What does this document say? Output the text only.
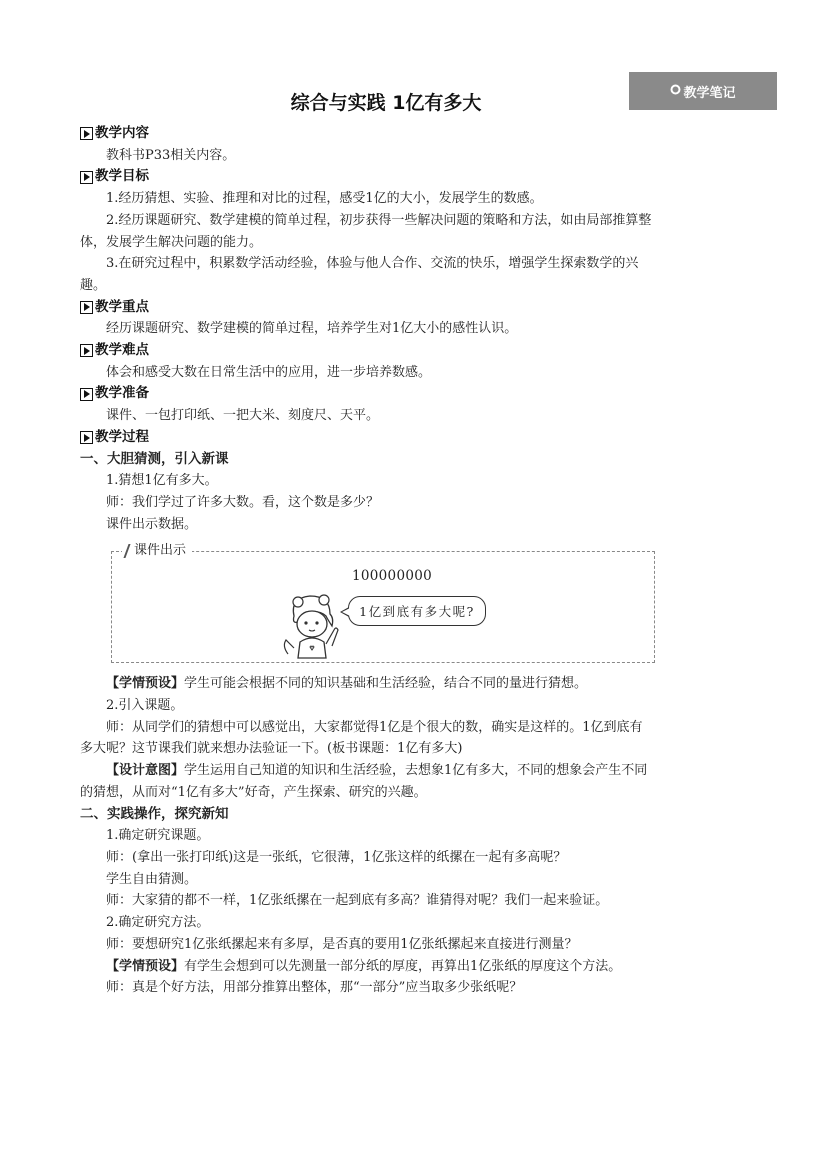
教学笔记
综合与实践 1亿有多大
教学内容

教科书P33相关内容。

教学目标

1.经历猜想、实验、推理和对比的过程，感受1亿的大小，发展学生的数感。

2.经历课题研究、数学建模的简单过程，初步获得一些解决问题的策略和方法，如由局部推算整体，发展学生解决问题的能力。

3.在研究过程中，积累数学活动经验，体验与他人合作、交流的快乐，增强学生探索数学的兴趣。

教学重点

经历课题研究、数学建模的简单过程，培养学生对1亿大小的感性认识。

教学难点

体会和感受大数在日常生活中的应用，进一步培养数感。

教学准备

课件、一包打印纸、一把大米、刻度尺、天平。

教学过程

一、大胆猜测，引入新课

1.猜想1亿有多大。

师：我们学过了许多大数。看，这个数是多少？

课件出示数据。

课件出示
100000000
1亿到底有多大呢?

【学情预设】学生可能会根据不同的知识基础和生活经验，结合不同的量进行猜想。

2.引入课题。

师：从同学们的猜想中可以感觉出，大家都觉得1亿是个很大的数，确实是这样的。1亿到底有多大呢？这节课我们就来想办法验证一下。(板书课题：1亿有多大)

【设计意图】学生运用自己知道的知识和生活经验，去想象1亿有多大，不同的想象会产生不同的猜想，从而对“1亿有多大”好奇，产生探索、研究的兴趣。

二、实践操作，探究新知

1.确定研究课题。

师：(拿出一张打印纸)这是一张纸，它很薄，1亿张这样的纸摞在一起有多高呢？

学生自由猜测。

师：大家猜的都不一样，1亿张纸摞在一起到底有多高？谁猜得对呢？我们一起来验证。

2.确定研究方法。

师：要想研究1亿张纸摞起来有多厚，是否真的要用1亿张纸摞起来直接进行测量？

【学情预设】有学生会想到可以先测量一部分纸的厚度，再算出1亿张纸的厚度这个方法。

师：真是个好方法，用部分推算出整体，那“一部分”应当取多少张纸呢？
